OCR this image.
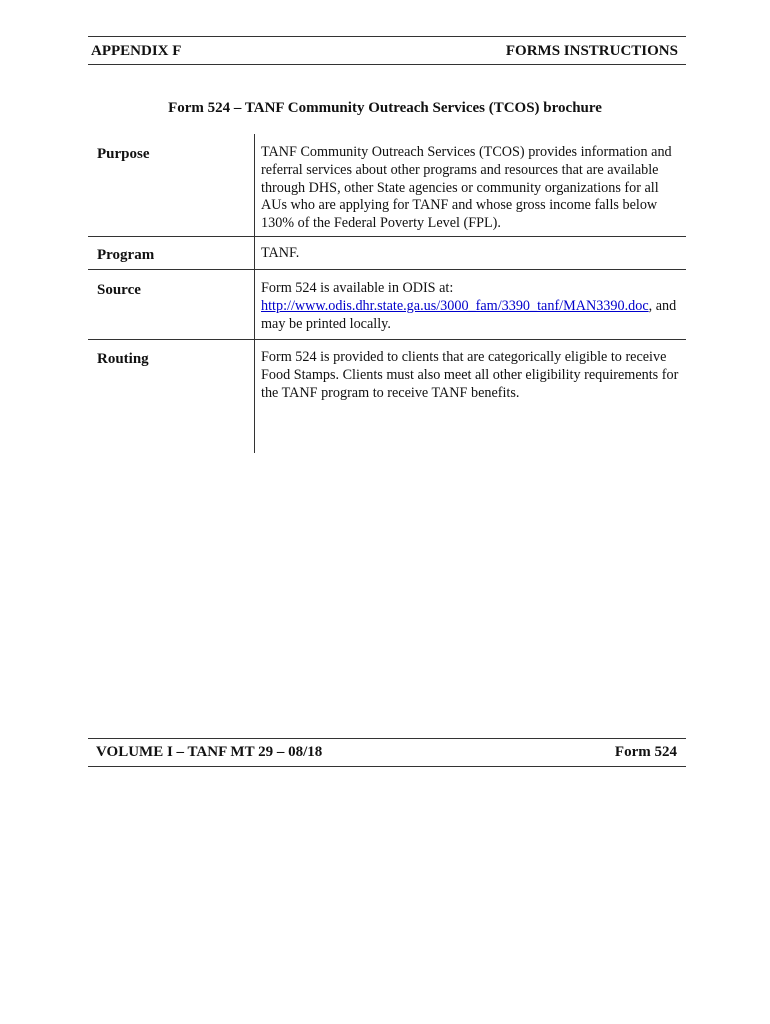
APPENDIX F	FORMS INSTRUCTIONS
Form 524 – TANF Community Outreach Services (TCOS) brochure
Purpose	TANF Community Outreach Services (TCOS) provides information and referral services about other programs and resources that are available through DHS, other State agencies or community organizations for all AUs who are applying for TANF and whose gross income falls below 130% of the Federal Poverty Level (FPL).
Program	TANF.
Source	Form 524 is available in ODIS at:
http://www.odis.dhr.state.ga.us/3000_fam/3390_tanf/MAN3390.doc, and may be printed locally.
Routing	Form 524 is provided to clients that are categorically eligible to receive Food Stamps. Clients must also meet all other eligibility requirements for the TANF program to receive TANF benefits.
VOLUME I – TANF MT 29 – 08/18	Form 524
